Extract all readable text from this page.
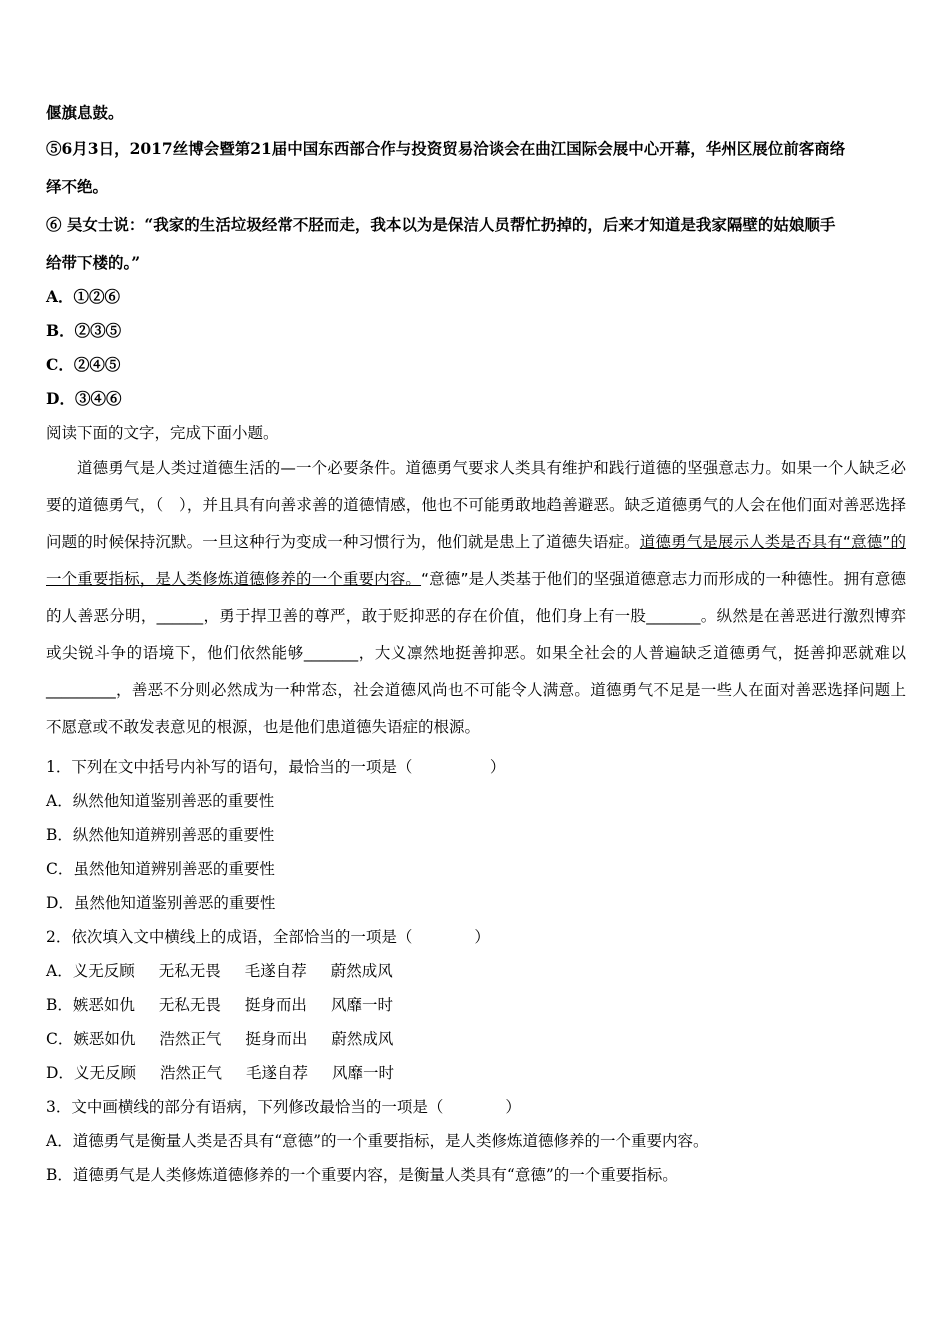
偃旗息鼓。

⑤6月3日，2017丝博会暨第21届中国东西部合作与投资贸易洽谈会在曲江国际会展中心开幕，华州区展位前客商络

绎不绝。

⑥ 吴女士说：“我家的生活垃圾经常不胫而走，我本以为是保洁人员帮忙扔掉的，后来才知道是我家隔壁的姑娘顺手

给带下楼的。”

A．①②⑥

B．②③⑤

C．②④⑤

D．③④⑥

阅读下面的文字，完成下面小题。

道德勇气是人类过道德生活的—一个必要条件。道德勇气要求人类具有维护和践行道德的坚强意志力。如果一个人缺乏必要的道德勇气，（　），并且具有向善求善的道德情感，他也不可能勇敢地趋善避恶。缺乏道德勇气的人会在他们面对善恶选择问题的时候保持沉默。一旦这种行为变成一种习惯行为，他们就是患上了道德失语症。道德勇气是展示人类是否具有“意德”的一个重要指标，是人类修炼道德修养的一个重要内容。“意德”是人类基于他们的坚强道德意志力而形成的一种德性。拥有意德的人善恶分明，______，勇于捍卫善的尊严，敢于贬抑恶的存在价值，他们身上有一股_______。纵然是在善恶进行激烈博弈或尖锐斗争的语境下，他们依然能够_______，大义凛然地挺善抑恶。如果全社会的人普遍缺乏道德勇气，挺善抑恶就难以_________，善恶不分则必然成为一种常态，社会道德风尚也不可能令人满意。道德勇气不足是一些人在面对善恶选择问题上不愿意或不敢发表意见的根源，也是他们患道德失语症的根源。

1．下列在文中括号内补写的语句，最恰当的一项是（　　　　　）

A．纵然他知道鉴别善恶的重要性

B．纵然他知道辨别善恶的重要性

C．虽然他知道辨别善恶的重要性

D．虽然他知道鉴别善恶的重要性

2．依次填入文中横线上的成语，全部恰当的一项是（　　　　）

A．义无反顾 无私无畏 毛遂自荐 蔚然成风

B．嫉恶如仇 无私无畏 挺身而出 风靡一时

C．嫉恶如仇 浩然正气 挺身而出 蔚然成风

D．义无反顾 浩然正气 毛遂自荐 风靡一时

3．文中画横线的部分有语病，下列修改最恰当的一项是（　　　　）

A．道德勇气是衡量人类是否具有“意德”的一个重要指标，是人类修炼道德修养的一个重要内容。

B．道德勇气是人类修炼道德修养的一个重要内容，是衡量人类具有“意德”的一个重要指标。
